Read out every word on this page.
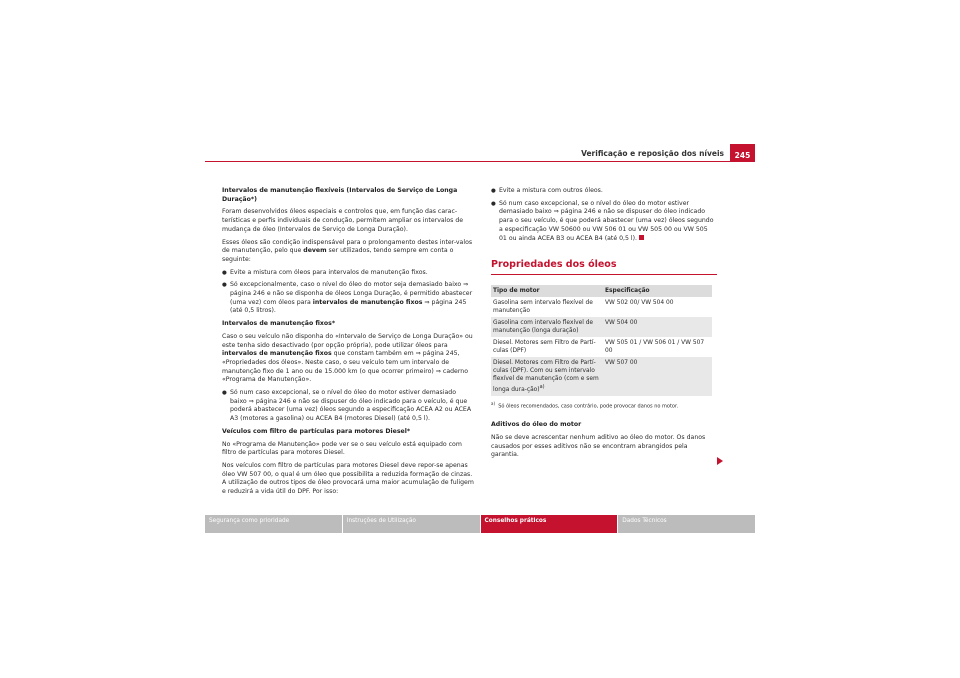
Verificação e reposição dos níveis	245

Intervalos de manutenção flexíveis (Intervalos de Serviço de Longa Duração*)

Foram desenvolvidos óleos especiais e controlos que, em função das carac-terísticas e perfis individuais de condução, permitem ampliar os intervalos de mudança de óleo (Intervalos de Serviço de Longa Duração).

Esses óleos são condição indispensável para o prolongamento destes inter-valos de manutenção, pelo que devem ser utilizados, tendo sempre em conta o seguinte:

● Evite a mistura com óleos para intervalos de manutenção fixos.

● Só excepcionalmente, caso o nível do óleo do motor seja demasiado baixo ⇒ página 246 e não se disponha de óleos Longa Duração, é permitido abastecer (uma vez) com óleos para intervalos de manutenção fixos ⇒ página 245 (até 0,5 litros).

Intervalos de manutenção fixos*

Caso o seu veículo não disponha do «Intervalo de Serviço de Longa Duração» ou este tenha sido desactivado (por opção própria), pode utilizar óleos para intervalos de manutenção fixos que constam também em ⇒ página 245, «Propriedades dos óleos». Neste caso, o seu veículo tem um intervalo de manutenção fixo de 1 ano ou de 15.000 km (o que ocorrer primeiro) ⇒ caderno «Programa de Manutenção».

● Só num caso excepcional, se o nível do óleo do motor estiver demasiado baixo ⇒ página 246 e não se dispuser do óleo indicado para o veículo, é que poderá abastecer (uma vez) óleos segundo a especificação ACEA A2 ou ACEA A3 (motores a gasolina) ou ACEA B4 (motores Diesel) (até 0,5 l).

Veículos com filtro de partículas para motores Diesel*

No «Programa de Manutenção» pode ver se o seu veículo está equipado com filtro de partículas para motores Diesel.

Nos veículos com filtro de partículas para motores Diesel deve repor-se apenas óleo VW 507 00, o qual é um óleo que possibilita a reduzida formação de cinzas. A utilização de outros tipos de óleo provocará uma maior acumulação de fuligem e reduzirá a vida útil do DPF. Por isso:

● Evite a mistura com outros óleos.

● Só num caso excepcional, se o nível do óleo do motor estiver demasiado baixo ⇒ página 246 e não se dispuser do óleo indicado para o seu veículo, é que poderá abastecer (uma vez) óleos segundo a especificação VW 50600 ou VW 506 01 ou VW 505 00 ou VW 505 01 ou ainda ACEA B3 ou ACEA B4 (até 0,5 l).

Propriedades dos óleos
Tipo de motor	Especificação
Gasolina sem intervalo flexível de manutenção	VW 502 00/ VW 504 00
Gasolina com intervalo flexível de manutenção (longa duração)	VW 504 00
Diesel. Motores sem Filtro de Partí-culas (DPF)	VW 505 01 / VW 506 01 / VW 507 00
Diesel. Motores com Filtro de Partí-culas (DPF). Com ou sem intervalo flexível de manutenção (com e sem longa dura-ção)$^{a)}$	VW 507 00
$^{a)}$  Só óleos recomendados, caso contrário, pode provocar danos no motor.

Aditivos do óleo do motor

Não se deve acrescentar nenhum aditivo ao óleo do motor. Os danos causados por esses aditivos não se encontram abrangidos pela garantia.

Segurança como prioridade	Instruções de Utilização	Conselhos práticos	Dados Técnicos
